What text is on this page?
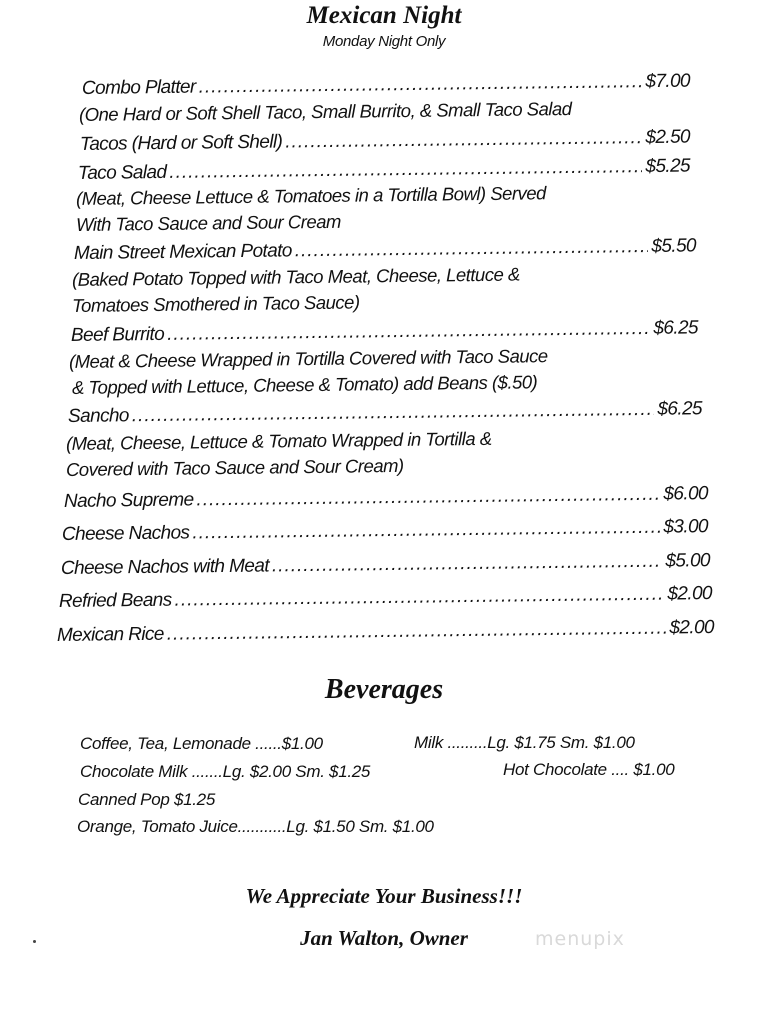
Mexican Night
Monday Night Only
Combo Platter .....	$7.00
(One Hard or Soft Shell Taco, Small Burrito, & Small Taco Salad
Tacos (Hard or Soft Shell) .....	$2.50
Taco Salad .....	$5.25
(Meat, Cheese Lettuce & Tomatoes in a Tortilla Bowl) Served
With Taco Sauce and Sour Cream
Main Street Mexican Potato .....	$5.50
(Baked Potato Topped with Taco Meat, Cheese, Lettuce &
Tomatoes Smothered in Taco Sauce)
Beef Burrito .....	$6.25
(Meat & Cheese Wrapped in Tortilla Covered with Taco Sauce
& Topped with Lettuce, Cheese & Tomato) add Beans ($.50)
Sancho .....	$6.25
(Meat, Cheese, Lettuce & Tomato Wrapped in Tortilla &
Covered with Taco Sauce and Sour Cream)
Nacho Supreme .....	$6.00
Cheese Nachos .....	$3.00
Cheese Nachos with Meat .....	$5.00
Refried Beans .....	$2.00
Mexican Rice .....	$2.00
Beverages
Coffee, Tea, Lemonade ......$1.00	Milk .........Lg. $1.75 Sm. $1.00
Chocolate Milk .......Lg. $2.00 Sm. $1.25	Hot Chocolate .... $1.00
Canned Pop $1.25
Orange, Tomato Juice...........Lg. $1.50 Sm. $1.00
We Appreciate Your Business!!!
Jan Walton, Owner	menupix
